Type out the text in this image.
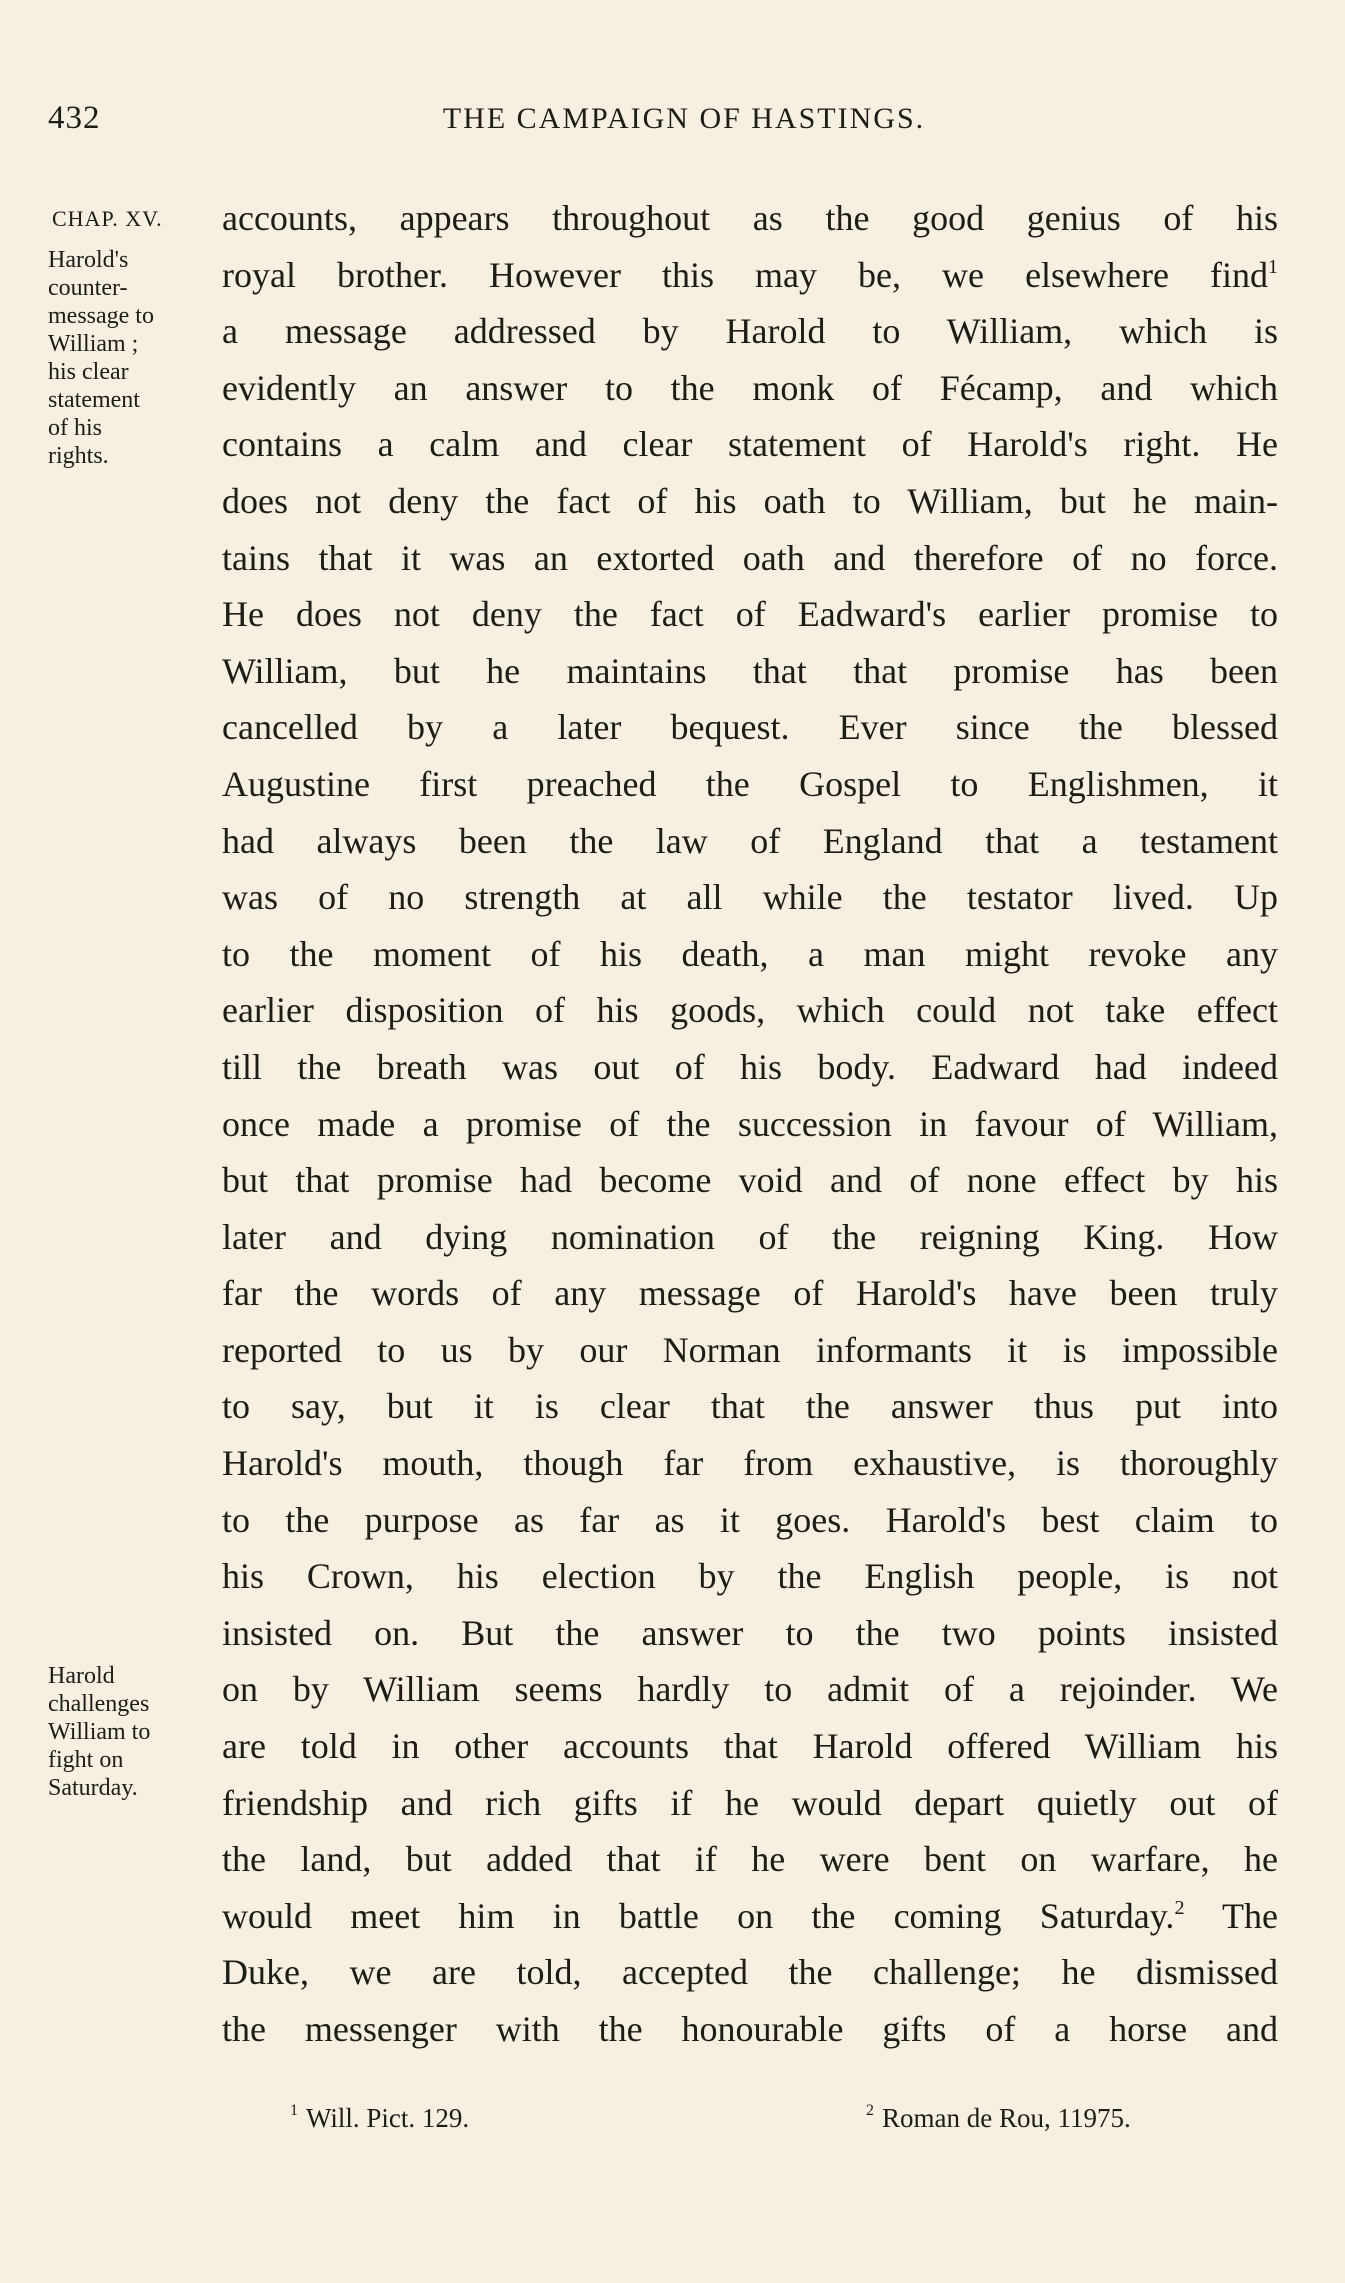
432	THE CAMPAIGN OF HASTINGS.
CHAP. XV.
Harold's
counter-
message to
William ;
his clear
statement
of his
rights.
Harold
challenges
William to
fight on
Saturday.
accounts, appears throughout as the good genius of his
royal brother. However this may be, we elsewhere find$^1$
a message addressed by Harold to William, which is
evidently an answer to the monk of Fécamp, and which
contains a calm and clear statement of Harold's right. He
does not deny the fact of his oath to William, but he main-
tains that it was an extorted oath and therefore of no force.
He does not deny the fact of Eadward's earlier promise to
William, but he maintains that that promise has been
cancelled by a later bequest. Ever since the blessed
Augustine first preached the Gospel to Englishmen, it
had always been the law of England that a testament
was of no strength at all while the testator lived. Up
to the moment of his death, a man might revoke any
earlier disposition of his goods, which could not take effect
till the breath was out of his body. Eadward had indeed
once made a promise of the succession in favour of William,
but that promise had become void and of none effect by his
later and dying nomination of the reigning King. How
far the words of any message of Harold's have been truly
reported to us by our Norman informants it is impossible
to say, but it is clear that the answer thus put into
Harold's mouth, though far from exhaustive, is thoroughly
to the purpose as far as it goes. Harold's best claim to
his Crown, his election by the English people, is not
insisted on. But the answer to the two points insisted
on by William seems hardly to admit of a rejoinder. We
are told in other accounts that Harold offered William his
friendship and rich gifts if he would depart quietly out of
the land, but added that if he were bent on warfare, he
would meet him in battle on the coming Saturday.$^2$ The
Duke, we are told, accepted the challenge; he dismissed
the messenger with the honourable gifts of a horse and
$^1$ Will. Pict. 129.	$^2$ Roman de Rou, 11975.
